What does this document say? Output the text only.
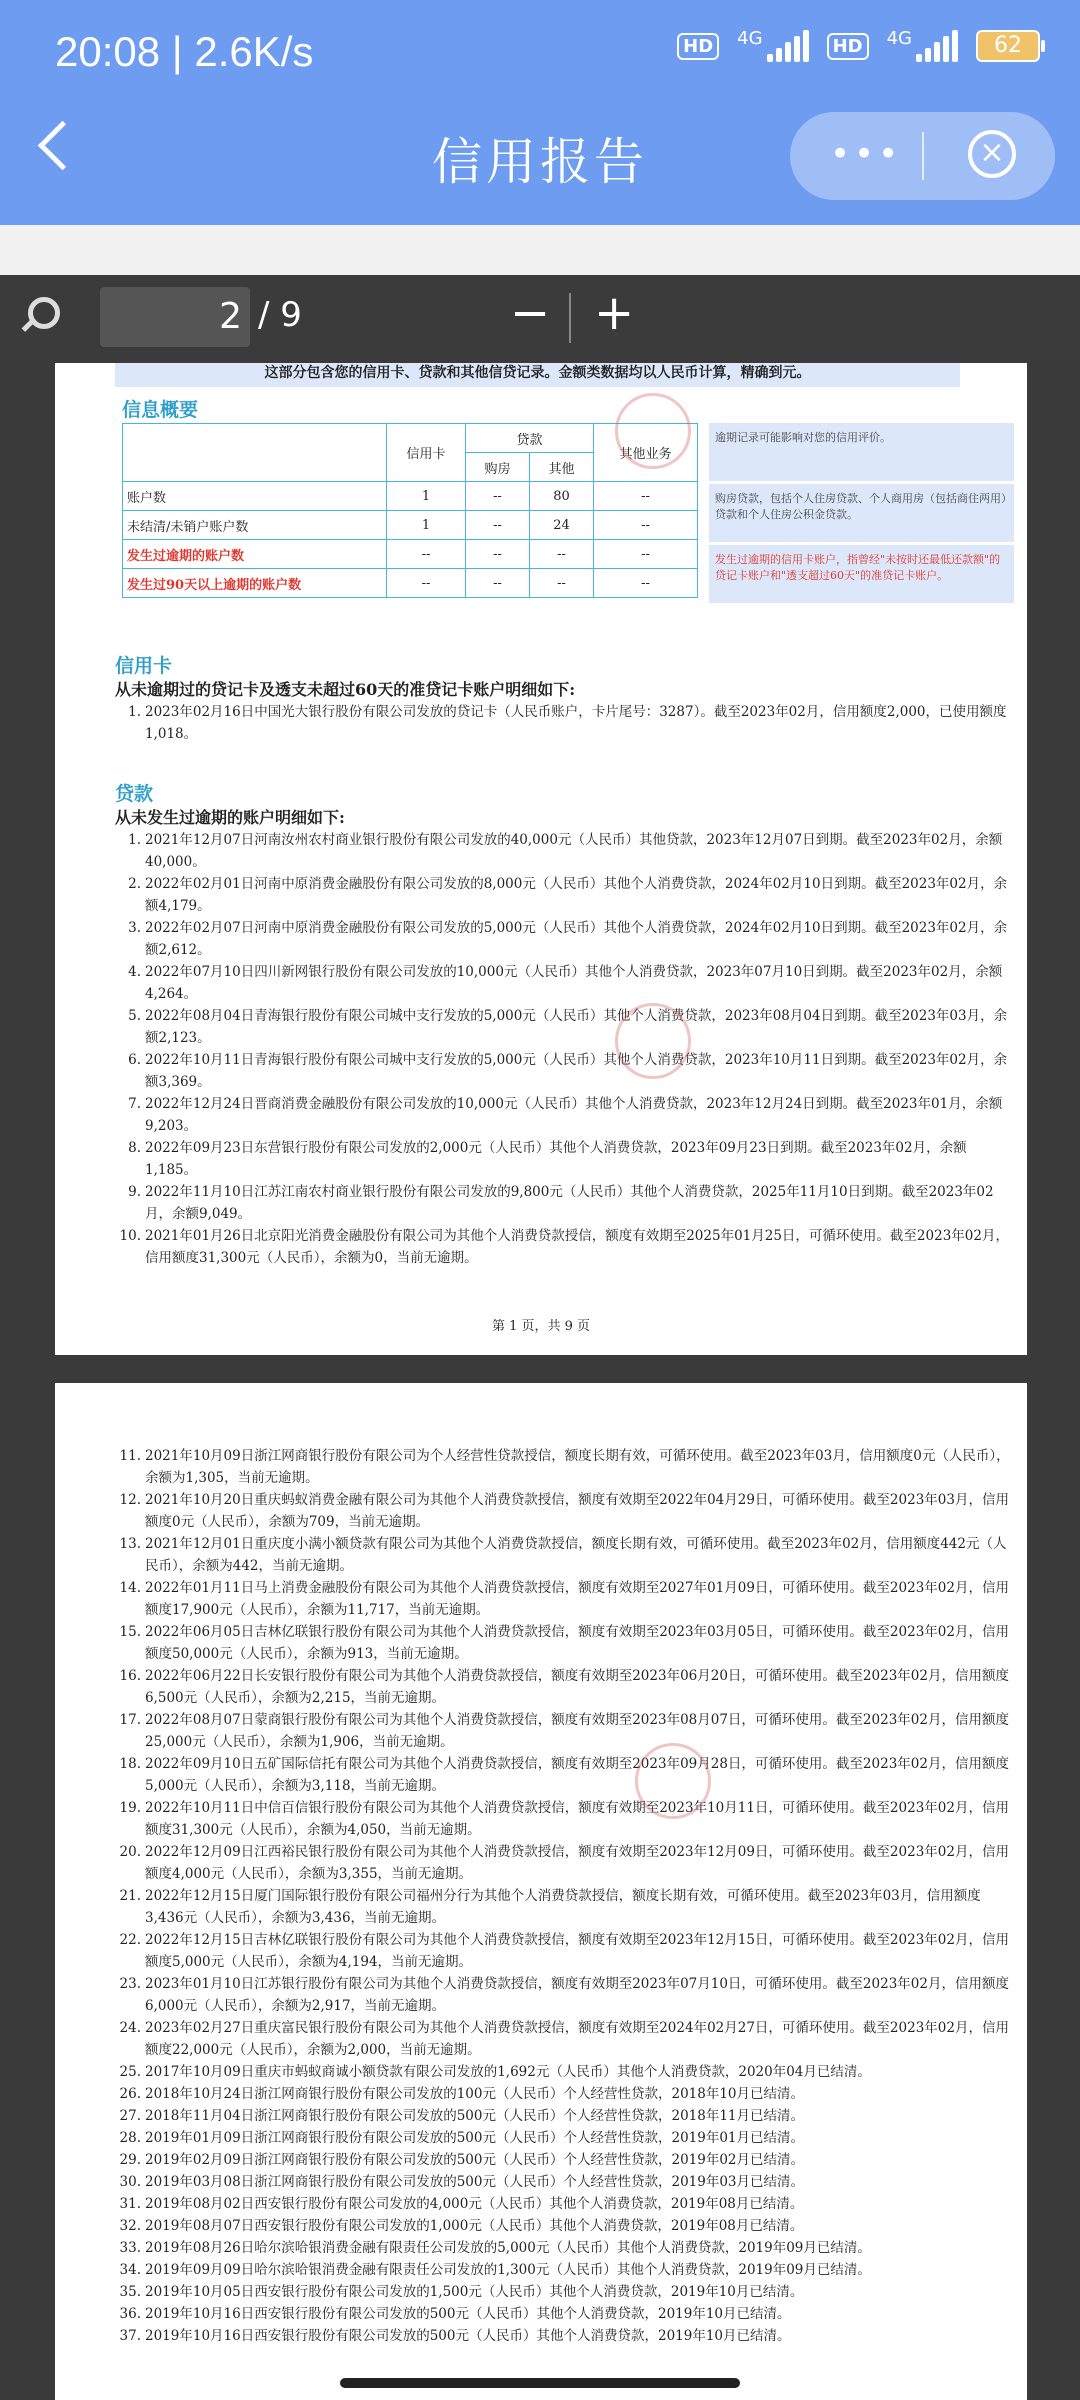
20:08 | 2.6K/s	HD	4G	HD	4G	62
信用报告	•••	×
2 / 9	− +
这部分包含您的信用卡、贷款和其他信贷记录。金额类数据均以人民币计算，精确到元。
信息概要
	信用卡	贷款		其他业务
		购房	其他	
账户数	1	--	80	--
未结清/未销户账户数	1	--	24	--
发生过逾期的账户数	--	--	--	--
发生过90天以上逾期的账户数	--	--	--	--
逾期记录可能影响对您的信用评价。
购房贷款，包括个人住房贷款、个人商用房（包括商住两用）贷款和个人住房公积金贷款。
发生过逾期的信用卡账户，指曾经"未按时还最低还款额"的贷记卡账户和"透支超过60天"的准贷记卡账户。
信用卡
从未逾期过的贷记卡及透支未超过60天的准贷记卡账户明细如下:
1. 2023年02月16日中国光大银行股份有限公司发放的贷记卡（人民币账户，卡片尾号：3287）。截至2023年02月，信用额度2,000，已使用额度1,018。
贷款
从未发生过逾期的账户明细如下:
1. 2021年12月07日河南汝州农村商业银行股份有限公司发放的40,000元（人民币）其他贷款，2023年12月07日到期。截至2023年02月，余额40,000。
2. 2022年02月01日河南中原消费金融股份有限公司发放的8,000元（人民币）其他个人消费贷款，2024年02月10日到期。截至2023年02月，余额4,179。
3. 2022年02月07日河南中原消费金融股份有限公司发放的5,000元（人民币）其他个人消费贷款，2024年02月10日到期。截至2023年02月，余额2,612。
4. 2022年07月10日四川新网银行股份有限公司发放的10,000元（人民币）其他个人消费贷款，2023年07月10日到期。截至2023年02月，余额4,264。
5. 2022年08月04日青海银行股份有限公司城中支行发放的5,000元（人民币）其他个人消费贷款，2023年08月04日到期。截至2023年03月，余额2,123。
6. 2022年10月11日青海银行股份有限公司城中支行发放的5,000元（人民币）其他个人消费贷款，2023年10月11日到期。截至2023年02月，余额3,369。
7. 2022年12月24日晋商消费金融股份有限公司发放的10,000元（人民币）其他个人消费贷款，2023年12月24日到期。截至2023年01月，余额9,203。
8. 2022年09月23日东营银行股份有限公司发放的2,000元（人民币）其他个人消费贷款，2023年09月23日到期。截至2023年02月，余额1,185。
9. 2022年11月10日江苏江南农村商业银行股份有限公司发放的9,800元（人民币）其他个人消费贷款，2025年11月10日到期。截至2023年02月，余额9,049。
10. 2021年01月26日北京阳光消费金融股份有限公司为其他个人消费贷款授信，额度有效期至2025年01月25日，可循环使用。截至2023年02月，信用额度31,300元（人民币），余额为0，当前无逾期。
第 1 页，共 9 页
11. 2021年10月09日浙江网商银行股份有限公司为个人经营性贷款授信，额度长期有效，可循环使用。截至2023年03月，信用额度0元（人民币），余额为1,305，当前无逾期。
12. 2021年10月20日重庆蚂蚁消费金融有限公司为其他个人消费贷款授信，额度有效期至2022年04月29日，可循环使用。截至2023年03月，信用额度0元（人民币），余额为709，当前无逾期。
13. 2021年12月01日重庆度小满小额贷款有限公司为其他个人消费贷款授信，额度长期有效，可循环使用。截至2023年02月，信用额度442元（人民币），余额为442，当前无逾期。
14. 2022年01月11日马上消费金融股份有限公司为其他个人消费贷款授信，额度有效期至2027年01月09日，可循环使用。截至2023年02月，信用额度17,900元（人民币），余额为11,717，当前无逾期。
15. 2022年06月05日吉林亿联银行股份有限公司为其他个人消费贷款授信，额度有效期至2023年03月05日，可循环使用。截至2023年02月，信用额度50,000元（人民币），余额为913，当前无逾期。
16. 2022年06月22日长安银行股份有限公司为其他个人消费贷款授信，额度有效期至2023年06月20日，可循环使用。截至2023年02月，信用额度6,500元（人民币），余额为2,215，当前无逾期。
17. 2022年08月07日蒙商银行股份有限公司为其他个人消费贷款授信，额度有效期至2023年08月07日，可循环使用。截至2023年02月，信用额度25,000元（人民币），余额为1,906，当前无逾期。
18. 2022年09月10日五矿国际信托有限公司为其他个人消费贷款授信，额度有效期至2023年09月28日，可循环使用。截至2023年02月，信用额度5,000元（人民币），余额为3,118，当前无逾期。
19. 2022年10月11日中信百信银行股份有限公司为其他个人消费贷款授信，额度有效期至2023年10月11日，可循环使用。截至2023年02月，信用额度31,300元（人民币），余额为4,050，当前无逾期。
20. 2022年12月09日江西裕民银行股份有限公司为其他个人消费贷款授信，额度有效期至2023年12月09日，可循环使用。截至2023年02月，信用额度4,000元（人民币），余额为3,355，当前无逾期。
21. 2022年12月15日厦门国际银行股份有限公司福州分行为其他个人消费贷款授信，额度长期有效，可循环使用。截至2023年03月，信用额度3,436元（人民币），余额为3,436，当前无逾期。
22. 2022年12月15日吉林亿联银行股份有限公司为其他个人消费贷款授信，额度有效期至2023年12月15日，可循环使用。截至2023年02月，信用额度5,000元（人民币），余额为4,194，当前无逾期。
23. 2023年01月10日江苏银行股份有限公司为其他个人消费贷款授信，额度有效期至2023年07月10日，可循环使用。截至2023年02月，信用额度6,000元（人民币），余额为2,917，当前无逾期。
24. 2023年02月27日重庆富民银行股份有限公司为其他个人消费贷款授信，额度有效期至2024年02月27日，可循环使用。截至2023年02月，信用额度22,000元（人民币），余额为2,000，当前无逾期。
25. 2017年10月09日重庆市蚂蚁商诚小额贷款有限公司发放的1,692元（人民币）其他个人消费贷款，2020年04月已结清。
26. 2018年10月24日浙江网商银行股份有限公司发放的100元（人民币）个人经营性贷款，2018年10月已结清。
27. 2018年11月04日浙江网商银行股份有限公司发放的500元（人民币）个人经营性贷款，2018年11月已结清。
28. 2019年01月09日浙江网商银行股份有限公司发放的500元（人民币）个人经营性贷款，2019年01月已结清。
29. 2019年02月09日浙江网商银行股份有限公司发放的500元（人民币）个人经营性贷款，2019年02月已结清。
30. 2019年03月08日浙江网商银行股份有限公司发放的500元（人民币）个人经营性贷款，2019年03月已结清。
31. 2019年08月02日西安银行股份有限公司发放的4,000元（人民币）其他个人消费贷款，2019年08月已结清。
32. 2019年08月07日西安银行股份有限公司发放的1,000元（人民币）其他个人消费贷款，2019年08月已结清。
33. 2019年08月26日哈尔滨哈银消费金融有限责任公司发放的5,000元（人民币）其他个人消费贷款，2019年09月已结清。
34. 2019年09月09日哈尔滨哈银消费金融有限责任公司发放的1,300元（人民币）其他个人消费贷款，2019年09月已结清。
35. 2019年10月05日西安银行股份有限公司发放的1,500元（人民币）其他个人消费贷款，2019年10月已结清。
36. 2019年10月16日西安银行股份有限公司发放的500元（人民币）其他个人消费贷款，2019年10月已结清。
37. 2019年10月16日西安银行股份有限公司发放的500元（人民币）其他个人消费贷款，2019年10月已结清。
